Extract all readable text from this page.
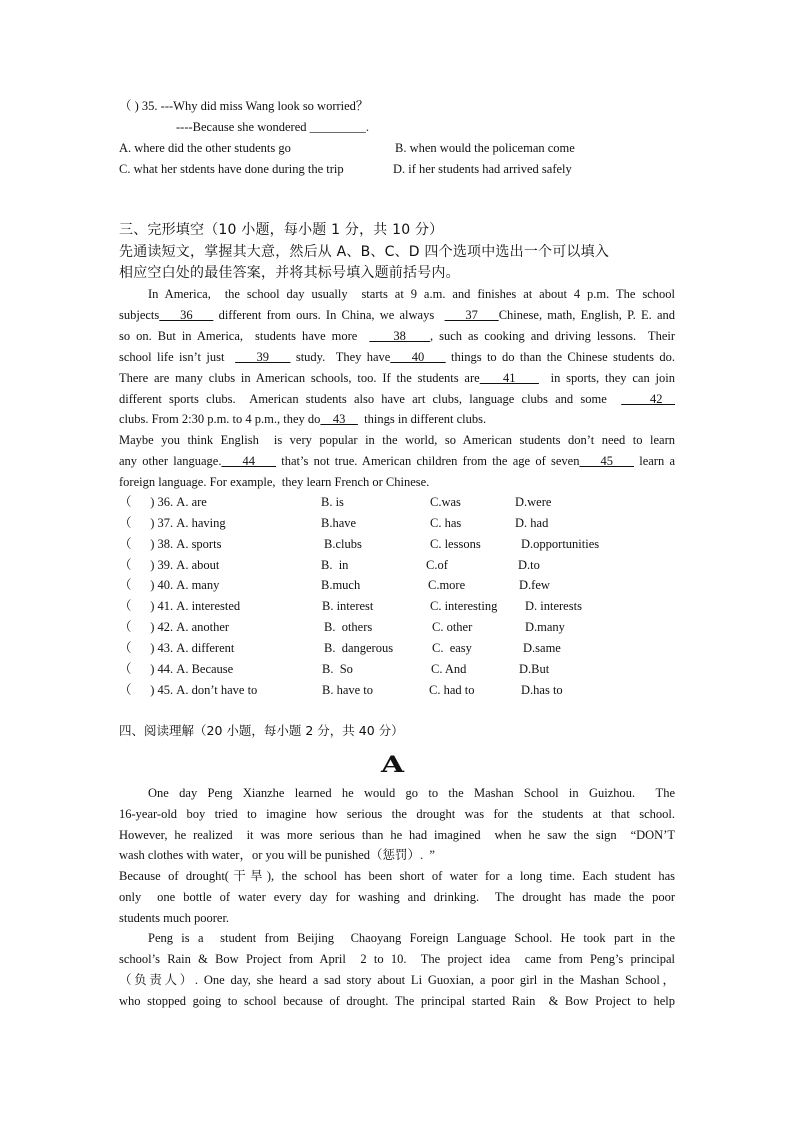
（ ) 35. ---Why did miss Wang look so worried？
----Because she wondered _________.
A. where did the other students go	B. when would the policeman come
C. what her stdents have done during the trip	D. if her students had arrived safely
三、完形填空（10 小题，每小题 1 分，共 10 分）
先通读短文，掌握其大意，然后从 A、B、C、D 四个选项中选出一个可以填入
相应空白处的最佳答案，并将其标号填入题前括号内。
In America,  the school day usually  starts at 9 a.m. and finishes at about 4 p.m. The school
subjects    36     different from ours. In China, we always      37    Chinese, math, English, P. E. and
so on. But in America,  students have more      38    , such as cooking and driving lessons.  Their
school life isn’t just      39     study.  They have    40     things to do than the Chinese students do.
There are many clubs in American schools, too. If the students are    41      in sports, they can join
different sports clubs.  American students also have art clubs, language clubs and some      42
clubs. From 2:30 p.m. to 4 p.m., they do    43      things in different clubs.
Maybe you think English  is very popular in the world, so American students don’t need to learn
any other language.    44     that’s not true. American children from the age of seven    45     learn a
foreign language. For example,  they learn French or Chinese.
（      ) 36. A. are	B. is	C.was	D.were
（      ) 37. A. having	B.have	C. has	D. had
（      ) 38. A. sports	B.clubs	C. lessons	D.opportunities
（      ) 39. A. about	B.  in	C.of	D.to
（      ) 40. A. many	B.much	C.more	D.few
（      ) 41. A. interested	B. interest	C. interesting D. interests
（      ) 42. A. another	B.  others	C. other	D.many
（      ) 43. A. different	B.  dangerous	C.  easy	D.same
（      ) 44. A. Because	B.  So	C. And	D.But
（      ) 45. A. don’t have to	B. have to	C. had to	D.has to
四、阅读理解（20 小题，每小题 2 分，共 40 分）
A
One day Peng Xianzhe learned he would go to the Mashan School in Guizhou.  The
16-year-old boy tried to imagine how serious the drought was for the students at that school.
However, he realized  it was more serious than he had imagined  when he saw the sign  “DON’T
wash clothes with water，or you will be punished（惩罚）.  ”
Because of drought(干旱), the school has been short of water for a long time. Each student has
only  one bottle of water every day for washing and drinking.  The drought has made the poor
students much poorer.
Peng is a  student from Beijing  Chaoyang Foreign Language School. He took part in the
school’s Rain & Bow Project from April  2 to 10.  The project idea  came from Peng’s principal
（负责人）. One day, she heard a sad story about Li Guoxian, a poor girl in the Mashan School，
who stopped going to school because of drought. The principal started Rain  & Bow Project to help
